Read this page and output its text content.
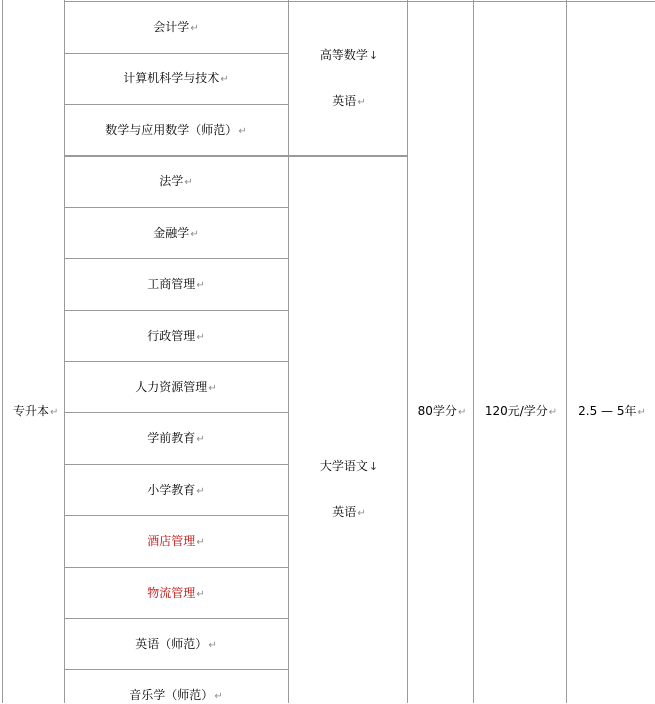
专升本↵
会计学↵
计算机科学与技术↵
数学与应用数学（师范）↵
高等数学↓
英语↵
法学↵
金融学↵
工商管理↵
行政管理↵
人力资源管理↵
学前教育↵
小学教育↵
酒店管理↵
物流管理↵
英语（师范）↵
音乐学（师范）↵
大学语文↓
英语↵
80学分↵ 120元/学分↵ 2.5 — 5年↵
